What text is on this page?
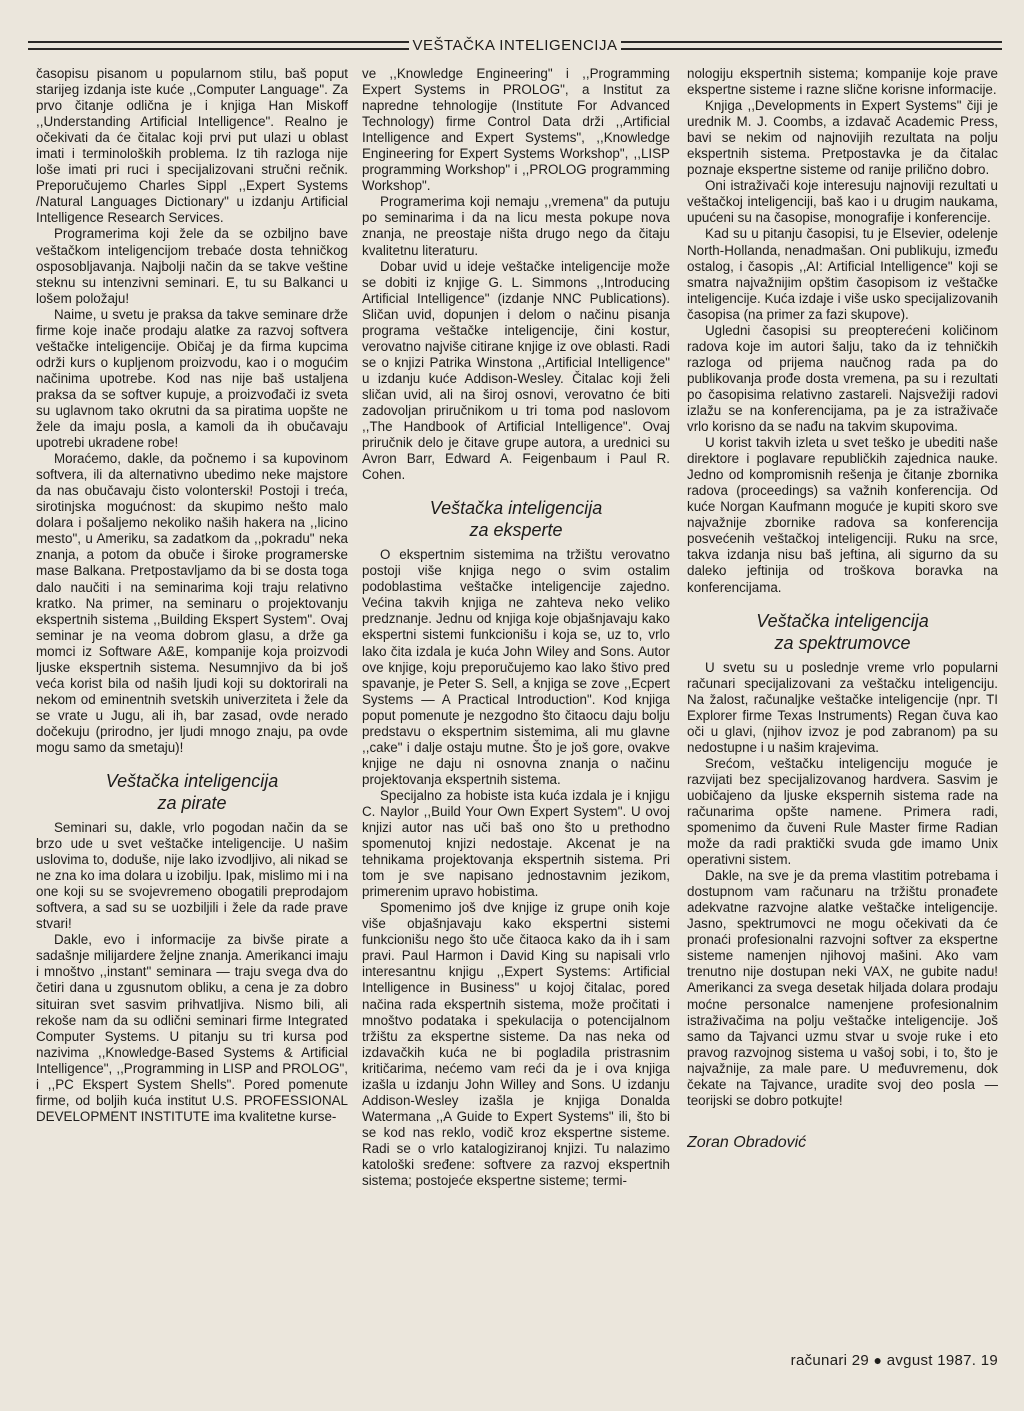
VEŠTAČKA INTELIGENCIJA

časopisu pisanom u popularnom stilu, baš poput starijeg izdanja iste kuće ,,Computer Language". Za prvo čitanje odlična je i knjiga Han Miskoff ,,Understanding Artificial Intelligence". Realno je očekivati da će čitalac koji prvi put ulazi u oblast imati i terminoloških problema. Iz tih razloga nije loše imati pri ruci i specijalizovani stručni rečnik. Preporučujemo Charles Sippl ,,Expert Systems /Natural Languages Dictionary" u izdanju Artificial Intelligence Research Services.

Programerima koji žele da se ozbiljno bave veštačkom inteligencijom trebaće dosta tehničkog osposobljavanja. Najbolji način da se takve veštine steknu su intenzivni seminari. E, tu su Balkanci u lošem položaju!

Naime, u svetu je praksa da takve seminare drže firme koje inače prodaju alatke za razvoj softvera veštačke inteligencije. Običaj je da firma kupcima održi kurs o kupljenom proizvodu, kao i o mogućim načinima upotrebe. Kod nas nije baš ustaljena praksa da se softver kupuje, a proizvođači iz sveta su uglavnom tako okrutni da sa piratima uopšte ne žele da imaju posla, a kamoli da ih obučavaju upotrebi ukradene robe!

Moraćemo, dakle, da počnemo i sa kupovinom softvera, ili da alternativno ubedimo neke majstore da nas obučavaju čisto volonterski! Postoji i treća, sirotinjska mogućnost: da skupimo nešto malo dolara i pošaljemo nekoliko naših hakera na ,,licino mesto", u Ameriku, sa zadatkom da ,,pokradu" neka znanja, a potom da obuče i široke programerske mase Balkana. Pretpostavljamo da bi se dosta toga dalo naučiti i na seminarima koji traju relativno kratko. Na primer, na seminaru o projektovanju ekspertnih sistema ,,Building Ekspert System". Ovaj seminar je na veoma dobrom glasu, a drže ga momci iz Software A&E, kompanije koja proizvodi ljuske ekspertnih sistema. Nesumnjivo da bi još veća korist bila od naših ljudi koji su doktorirali na nekom od eminentnih svetskih univerziteta i žele da se vrate u Jugu, ali ih, bar zasad, ovde nerado dočekuju (prirodno, jer ljudi mnogo znaju, pa ovde mogu samo da smetaju)!

Veštačka inteligencija
za pirate

Seminari su, dakle, vrlo pogodan način da se brzo ude u svet veštačke inteligencije. U našim uslovima to, doduše, nije lako izvodljivo, ali nikad se ne zna ko ima dolara u izobilju. Ipak, mislimo mi i na one koji su se svojevremeno obogatili preprodajom softvera, a sad su se uozbiljili i žele da rade prave stvari!

Dakle, evo i informacije za bivše pirate a sadašnje milijardere željne znanja. Amerikanci imaju i mnoštvo ,,instant" seminara — traju svega dva do četiri dana u zgusnutom obliku, a cena je za dobro situiran svet sasvim prihvatljiva. Nismo bili, ali rekoše nam da su odlični seminari firme Integrated Computer Systems. U pitanju su tri kursa pod nazivima ,,Knowledge-Based Systems & Artificial Intelligence", ,,Programming in LISP and PROLOG", i ,,PC Ekspert System Shells". Pored pomenute firme, od boljih kuća institut U.S. PROFESSIONAL DEVELOPMENT INSTITUTE ima kvalitetne kurse-

ve ,,Knowledge Engineering" i ,,Programming Expert Systems in PROLOG", a Institut za napredne tehnologije (Institute For Advanced Technology) firme Control Data drži ,,Artificial Intelligence and Expert Systems", ,,Knowledge Engineering for Expert Systems Workshop", ,,LISP programming Workshop" i ,,PROLOG programming Workshop".

Programerima koji nemaju ,,vremena" da putuju po seminarima i da na licu mesta pokupe nova znanja, ne preostaje ništa drugo nego da čitaju kvalitetnu literaturu.

Dobar uvid u ideje veštačke inteligencije može se dobiti iz knjige G. L. Simmons ,,Introducing Artificial Intelligence" (izdanje NNC Publications). Sličan uvid, dopunjen i delom o načinu pisanja programa veštačke inteligencije, čini kostur, verovatno najviše citirane knjige iz ove oblasti. Radi se o knjizi Patrika Winstona ,,Artificial Intelligence" u izdanju kuće Addison-Wesley. Čitalac koji želi sličan uvid, ali na široj osnovi, verovatno će biti zadovoljan priručnikom u tri toma pod naslovom ,,The Handbook of Artificial Intelligence". Ovaj priručnik delo je čitave grupe autora, a urednici su Avron Barr, Edward A. Feigenbaum i Paul R. Cohen.

Veštačka inteligencija
za eksperte

O ekspertnim sistemima na tržištu verovatno postoji više knjiga nego o svim ostalim podoblastima veštačke inteligencije zajedno. Većina takvih knjiga ne zahteva neko veliko predznanje. Jednu od knjiga koje objašnjavaju kako ekspertni sistemi funkcionišu i koja se, uz to, vrlo lako čita izdala je kuća John Wiley and Sons. Autor ove knjige, koju preporučujemo kao lako štivo pred spavanje, je Peter S. Sell, a knjiga se zove ,,Ecpert Systems — A Practical Introduction". Kod knjiga poput pomenute je nezgodno što čitaocu daju bolju predstavu o ekspertnim sistemima, ali mu glavne ,,cake" i dalje ostaju mutne. Što je još gore, ovakve knjige ne daju ni osnovna znanja o načinu projektovanja ekspertnih sistema.

Specijalno za hobiste ista kuća izdala je i knjigu C. Naylor ,,Build Your Own Expert System". U ovoj knjizi autor nas uči baš ono što u prethodno spomenutoj knjizi nedostaje. Akcenat je na tehnikama projektovanja ekspertnih sistema. Pri tom je sve napisano jednostavnim jezikom, primerenim upravo hobistima.

Spomenimo još dve knjige iz grupe onih koje više objašnjavaju kako ekspertni sistemi funkcionišu nego što uče čitaoca kako da ih i sam pravi. Paul Harmon i David King su napisali vrlo interesantnu knjigu ,,Expert Systems: Artificial Intelligence in Business" u kojoj čitalac, pored načina rada ekspertnih sistema, može pročitati i mnoštvo podataka i spekulacija o potencijalnom tržištu za ekspertne sisteme. Da nas neka od izdavačkih kuća ne bi pogladila pristrasnim kritičarima, nećemo vam reći da je i ova knjiga izašla u izdanju John Willey and Sons. U izdanju Addison-Wesley izašla je knjiga Donalda Watermana ,,A Guide to Expert Systems" ili, što bi se kod nas reklo, vodič kroz ekspertne sisteme. Radi se o vrlo katalogiziranoj knjizi. Tu nalazimo katološki sređene: softvere za razvoj ekspertnih sistema; postojeće ekspertne sisteme; termi-

nologiju ekspertnih sistema; kompanije koje prave ekspertne sisteme i razne slične korisne informacije.

Knjiga ,,Developments in Expert Systems" čiji je urednik M. J. Coombs, a izdavač Academic Press, bavi se nekim od najnovijih rezultata na polju ekspertnih sistema. Pretpostavka je da čitalac poznaje ekspertne sisteme od ranije prilično dobro.

Oni istraživači koje interesuju najnoviji rezultati u veštačkoj inteligenciji, baš kao i u drugim naukama, upućeni su na časopise, monografije i konferencije.

Kad su u pitanju časopisi, tu je Elsevier, odelenje North-Hollanda, nenadmašan. Oni publikuju, između ostalog, i časopis ,,AI: Artificial Intelligence" koji se smatra najvažnijim opštim časopisom iz veštačke inteligencije. Kuća izdaje i više usko specijalizovanih časopisa (na primer za fazi skupove).

Ugledni časopisi su preopterećeni količinom radova koje im autori šalju, tako da iz tehničkih razloga od prijema naučnog rada pa do publikovanja prođe dosta vremena, pa su i rezultati po časopisima relativno zastareli. Najsvežiji radovi izlažu se na konferencijama, pa je za istraživače vrlo korisno da se nađu na takvim skupovima.

U korist takvih izleta u svet teško je ubediti naše direktore i poglavare republičkih zajednica nauke. Jedno od kompromisnih rešenja je čitanje zbornika radova (proceedings) sa važnih konferencija. Od kuće Norgan Kaufmann moguće je kupiti skoro sve najvažnije zbornike radova sa konferencija posvećenih veštačkoj inteligenciji. Ruku na srce, takva izdanja nisu baš jeftina, ali sigurno da su daleko jeftinija od troškova boravka na konferencijama.

Veštačka inteligencija
za spektrumovce

U svetu su u poslednje vreme vrlo popularni računari specijalizovani za veštačku inteligenciju. Na žalost, računaljke veštačke inteligencije (npr. TI Explorer firme Texas Instruments) Regan čuva kao oči u glavi, (njihov izvoz je pod zabranom) pa su nedostupne i u našim krajevima.

Srećom, veštačku inteligenciju moguće je razvijati bez specijalizovanog hardvera. Sasvim je uobičajeno da ljuske ekspernih sistema rade na računarima opšte namene. Primera radi, spomenimo da čuveni Rule Master firme Radian može da radi praktički svuda gde imamo Unix operativni sistem.

Dakle, na sve je da prema vlastitim potrebama i dostupnom vam računaru na tržištu pronađete adekvatne razvojne alatke veštačke inteligencije. Jasno, spektrumovci ne mogu očekivati da će pronaći profesionalni razvojni softver za ekspertne sisteme namenjen njihovoj mašini. Ako vam trenutno nije dostupan neki VAX, ne gubite nadu! Amerikanci za svega desetak hiljada dolara prodaju moćne personalce namenjene profesionalnim istraživačima na polju veštačke inteligencije. Još samo da Tajvanci uzmu stvar u svoje ruke i eto pravog razvojnog sistema u vašoj sobi, i to, što je najvažnije, za male pare. U međuvremenu, dok čekate na Tajvance, uradite svoj deo posla — teorijski se dobro potkujte!

Zoran Obradović

računari 29 ● avgust 1987. 19
